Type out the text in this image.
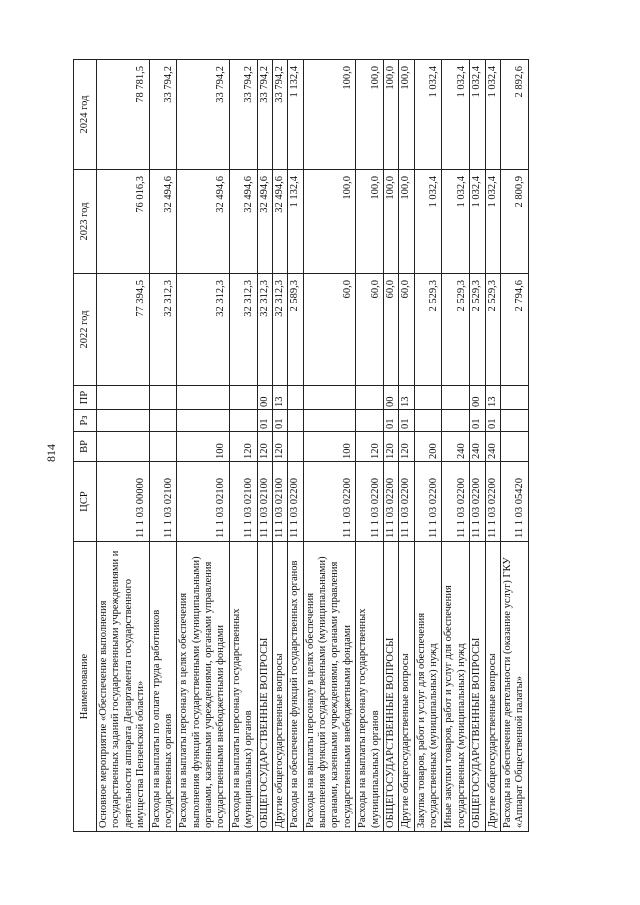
814
Наименование	ЦСР	ВР	Рз	ПР	2022 год	2023 год	2024 год
Основное мероприятие «Обеспечение выполнения государственных заданий государственными учреждениями и деятельности аппарата Департамента государственного имущества Пензенской области»	11 1 03 00000				77 394,5	76 016,3	78 781,5
Расходы на выплаты по оплате труда работников государственных органов	11 1 03 02100				32 312,3	32 494,6	33 794,2
Расходы на выплаты персоналу в целях обеспечения выполнения функций государственными (муниципальными) органами, казенными учреждениями, органами управления государственными внебюджетными фондами	11 1 03 02100	100			32 312,3	32 494,6	33 794,2
Расходы на выплаты персоналу государственных (муниципальных) органов	11 1 03 02100	120			32 312,3	32 494,6	33 794,2
ОБЩЕГОСУДАРСТВЕННЫЕ ВОПРОСЫ	11 1 03 02100	120	01	00	32 312,3	32 494,6	33 794,2
Другие общегосударственные вопросы	11 1 03 02100	120	01	13	32 312,3	32 494,6	33 794,2
Расходы на обеспечение функций государственных органов	11 1 03 02200				2 589,3	1 132,4	1 132,4
Расходы на выплаты персоналу в целях обеспечения выполнения функций государственными (муниципальными) органами, казенными учреждениями, органами управления государственными внебюджетными фондами	11 1 03 02200	100			60,0	100,0	100,0
Расходы на выплаты персоналу государственных (муниципальных) органов	11 1 03 02200	120			60,0	100,0	100,0
ОБЩЕГОСУДАРСТВЕННЫЕ ВОПРОСЫ	11 1 03 02200	120	01	00	60,0	100,0	100,0
Другие общегосударственные вопросы	11 1 03 02200	120	01	13	60,0	100,0	100,0
Закупка товаров, работ и услуг для обеспечения государственных (муниципальных) нужд	11 1 03 02200	200			2 529,3	1 032,4	1 032,4
Иные закупки товаров, работ и услуг для обеспечения государственных (муниципальных) нужд	11 1 03 02200	240			2 529,3	1 032,4	1 032,4
ОБЩЕГОСУДАРСТВЕННЫЕ ВОПРОСЫ	11 1 03 02200	240	01	00	2 529,3	1 032,4	1 032,4
Другие общегосударственные вопросы	11 1 03 02200	240	01	13	2 529,3	1 032,4	1 032,4
Расходы на обеспечение деятельности (оказание услуг) ГКУ «Аппарат Общественной палаты»	11 1 03 05420				2 794,6	2 800,9	2 892,6
